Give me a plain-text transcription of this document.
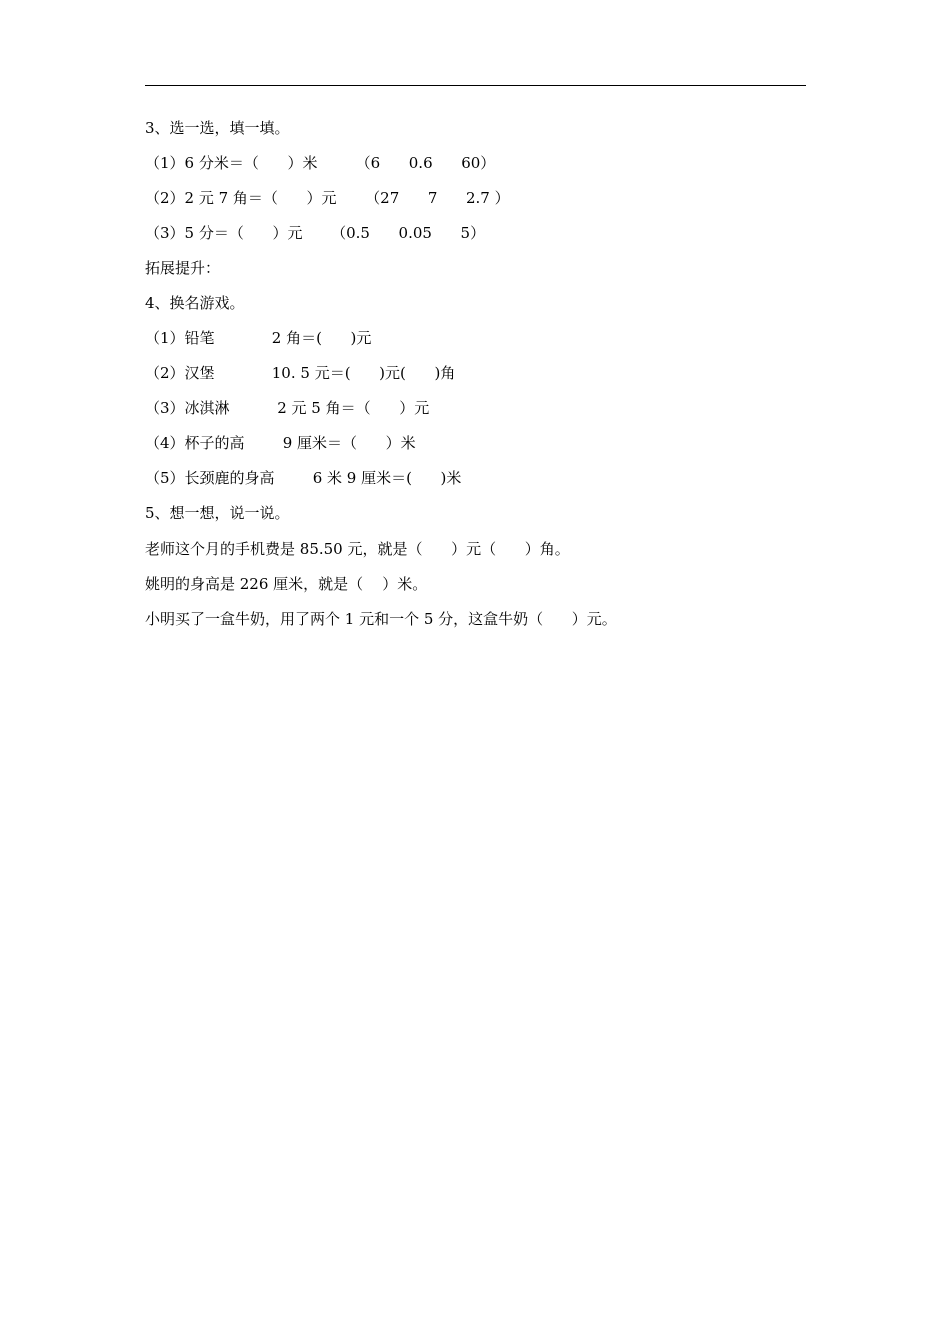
3、选一选，填一填。
（1）6 分米＝（      ）米        （6      0.6      60）
（2）2 元 7 角＝（      ）元      （27      7      2.7 ）
（3）5 分＝（      ）元      （0.5      0.05      5）
拓展提升：
4、换名游戏。
（1）铅笔            2 角＝(      )元
（2）汉堡            10. 5 元＝(      )元(      )角
（3）冰淇淋          2 元 5 角＝（      ）元
（4）杯子的高        9 厘米＝（      ）米
（5）长颈鹿的身高        6 米 9 厘米＝(      )米
5、想一想，说一说。
老师这个月的手机费是 85.50 元，就是（      ）元（      ）角。
姚明的身高是 226 厘米，就是（    ）米。
小明买了一盒牛奶，用了两个 1 元和一个 5 分，这盒牛奶（      ）元。
